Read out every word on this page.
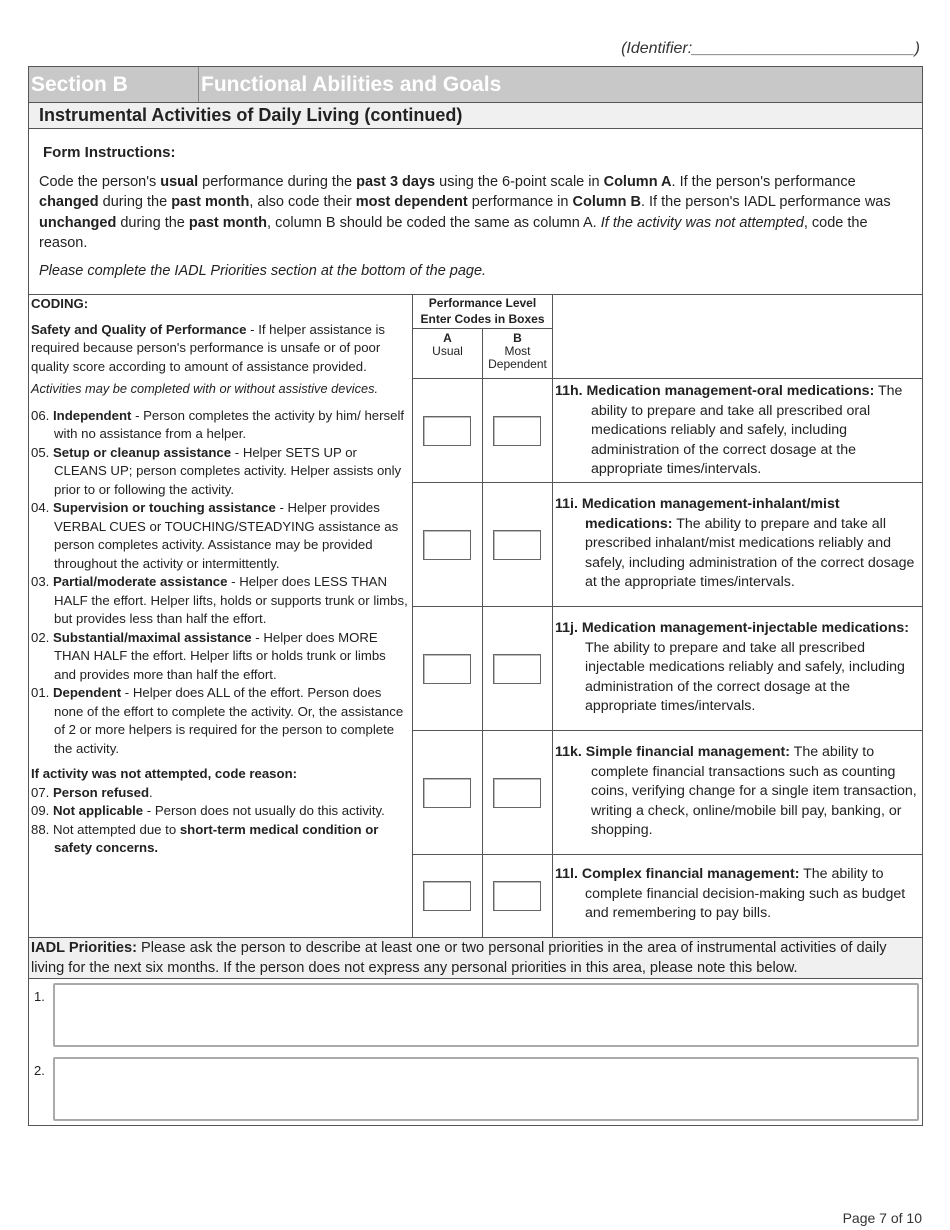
(Identifier:_________________________)
Section B	Functional Abilities and Goals
Instrumental Activities of Daily Living (continued)
Form Instructions:

Code the person's usual performance during the past 3 days using the 6-point scale in Column A. If the person's performance changed during the past month, also code their most dependent performance in Column B. If the person's IADL performance was unchanged during the past month, column B should be coded the same as column A. If the activity was not attempted, code the reason.

Please complete the IADL Priorities section at the bottom of the page.

CODING:
Safety and Quality of Performance - If helper assistance is required because person's performance is unsafe or of poor quality score according to amount of assistance provided.
Activities may be completed with or without assistive devices.
06. Independent - Person completes the activity by him/ herself with no assistance from a helper.
05. Setup or cleanup assistance - Helper SETS UP or CLEANS UP; person completes activity. Helper assists only prior to or following the activity.
04. Supervision or touching assistance - Helper provides VERBAL CUES or TOUCHING/STEADYING assistance as person completes activity. Assistance may be provided throughout the activity or intermittently.
03. Partial/moderate assistance - Helper does LESS THAN HALF the effort. Helper lifts, holds or supports trunk or limbs, but provides less than half the effort.
02. Substantial/maximal assistance - Helper does MORE THAN HALF the effort. Helper lifts or holds trunk or limbs and provides more than half the effort.
01. Dependent - Helper does ALL of the effort. Person does none of the effort to complete the activity. Or, the assistance of 2 or more helpers is required for the person to complete the activity.
If activity was not attempted, code reason:
07. Person refused.
09. Not applicable - Person does not usually do this activity.
88. Not attempted due to short-term medical condition or safety concerns.
Performance Level
Enter Codes in Boxes
A
Usual
B
Most Dependent
11h. Medication management-oral medications: The ability to prepare and take all prescribed oral medications reliably and safely, including administration of the correct dosage at the appropriate times/intervals.
11i. Medication management-inhalant/mist medications: The ability to prepare and take all prescribed inhalant/mist medications reliably and safely, including administration of the correct dosage at the appropriate times/intervals.
11j. Medication management-injectable medications: The ability to prepare and take all prescribed injectable medications reliably and safely, including administration of the correct dosage at the appropriate times/intervals.
11k. Simple financial management: The ability to complete financial transactions such as counting coins, verifying change for a single item transaction, writing a check, online/mobile bill pay, banking, or shopping.
11l. Complex financial management: The ability to complete financial decision-making such as budget and remembering to pay bills.
IADL Priorities: Please ask the person to describe at least one or two personal priorities in the area of instrumental activities of daily living for the next six months. If the person does not express any personal priorities in this area, please note this below.
1.
2.
Page 7 of 10
